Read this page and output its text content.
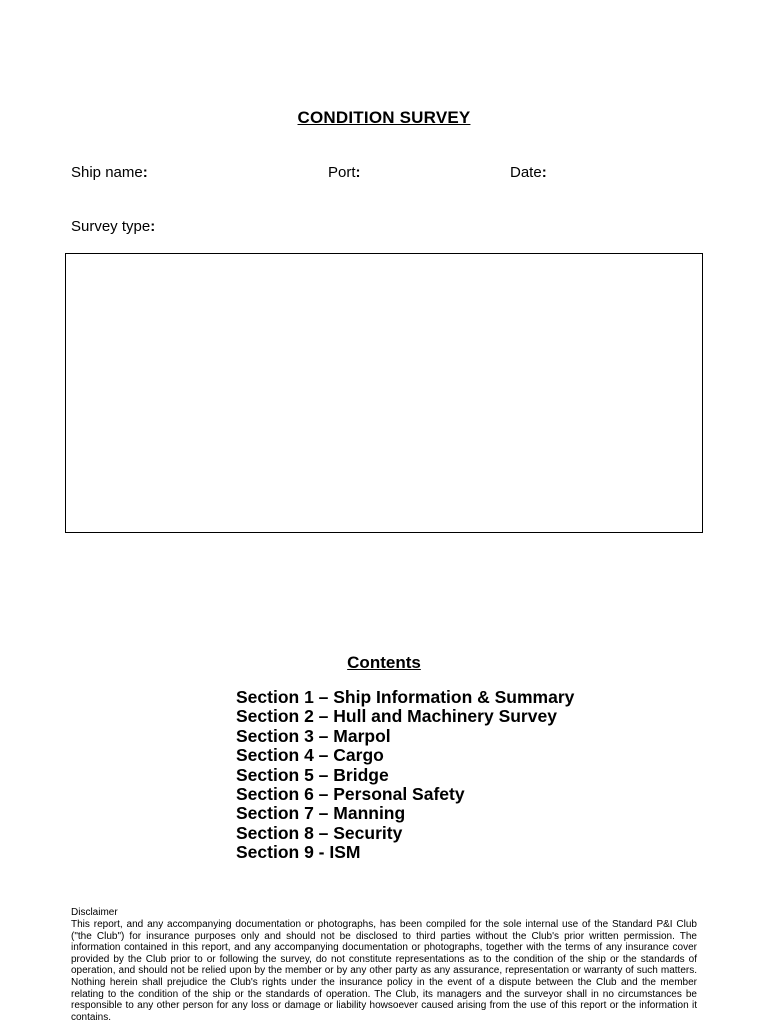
CONDITION SURVEY
Ship name:	Port:	Date:
Survey type:
Contents
Section 1 – Ship Information & Summary
Section 2 – Hull and Machinery Survey
Section 3 – Marpol
Section 4 – Cargo
Section 5 – Bridge
Section 6 – Personal Safety
Section 7 – Manning
Section 8 – Security
Section 9 - ISM
Disclaimer
This report, and any accompanying documentation or photographs, has been compiled for the sole internal use of the Standard P&I Club ("the Club") for insurance purposes only and should not be disclosed to third parties without the Club's prior written permission. The information contained in this report, and any accompanying documentation or photographs, together with the terms of any insurance cover provided by the Club prior to or following the survey, do not constitute representations as to the condition of the ship or the standards of operation, and should not be relied upon by the member or by any other party as any assurance, representation or warranty of such matters. Nothing herein shall prejudice the Club's rights under the insurance policy in the event of a dispute between the Club and the member relating to the condition of the ship or the standards of operation. The Club, its managers and the surveyor shall in no circumstances be responsible to any other person for any loss or damage or liability howsoever caused arising from the use of this report or the information it contains.
